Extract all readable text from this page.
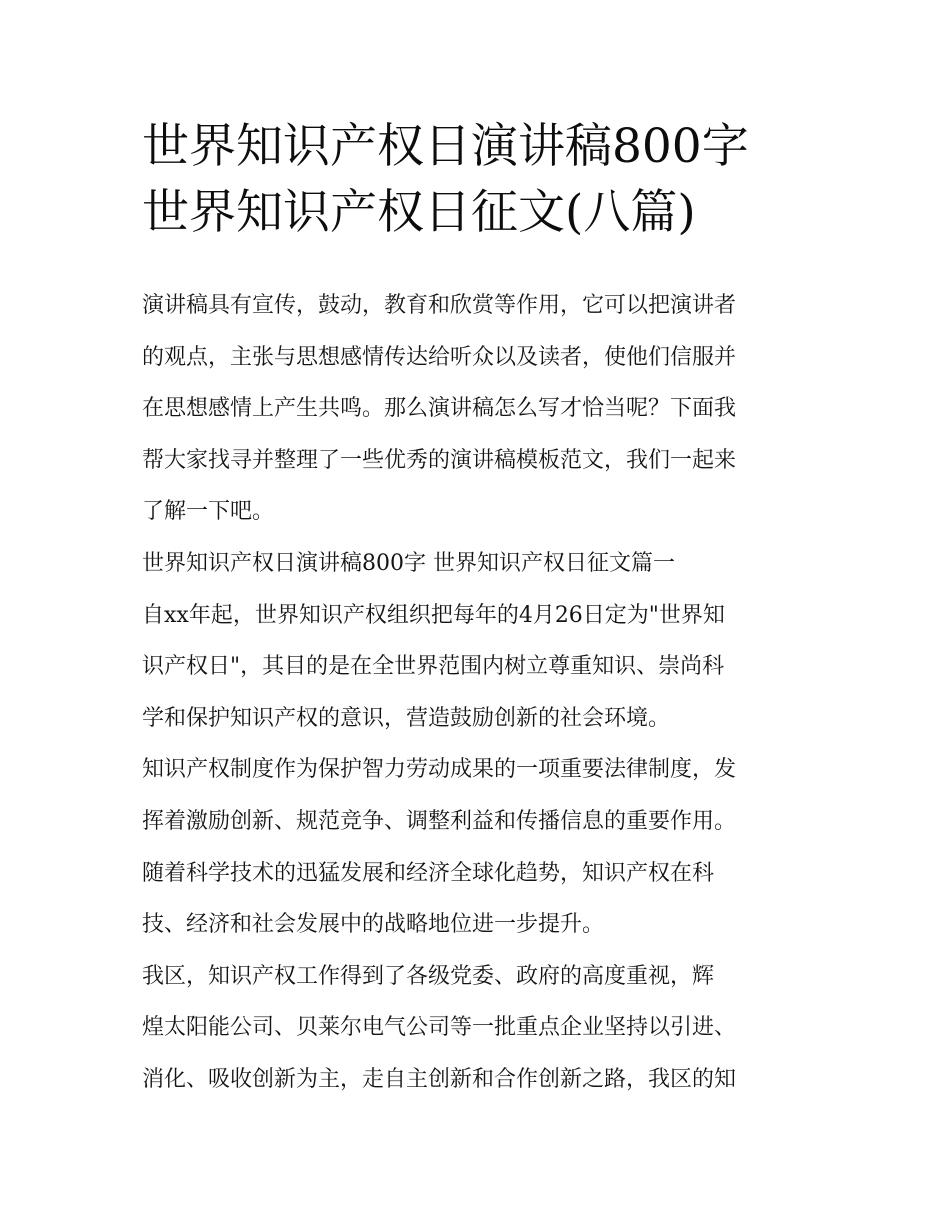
世界知识产权日演讲稿800字
世界知识产权日征文(八篇)
演讲稿具有宣传，鼓动，教育和欣赏等作用，它可以把演讲者
的观点，主张与思想感情传达给听众以及读者，使他们信服并
在思想感情上产生共鸣。那么演讲稿怎么写才恰当呢？下面我
帮大家找寻并整理了一些优秀的演讲稿模板范文，我们一起来
了解一下吧。
世界知识产权日演讲稿800字 世界知识产权日征文篇一
自xx年起，世界知识产权组织把每年的4月26日定为"世界知
识产权日"，其目的是在全世界范围内树立尊重知识、崇尚科
学和保护知识产权的意识，营造鼓励创新的社会环境。
知识产权制度作为保护智力劳动成果的一项重要法律制度，发
挥着激励创新、规范竞争、调整利益和传播信息的重要作用。
随着科学技术的迅猛发展和经济全球化趋势，知识产权在科
技、经济和社会发展中的战略地位进一步提升。
我区，知识产权工作得到了各级党委、政府的高度重视，辉
煌太阳能公司、贝莱尔电气公司等一批重点企业坚持以引进、
消化、吸收创新为主，走自主创新和合作创新之路，我区的知
